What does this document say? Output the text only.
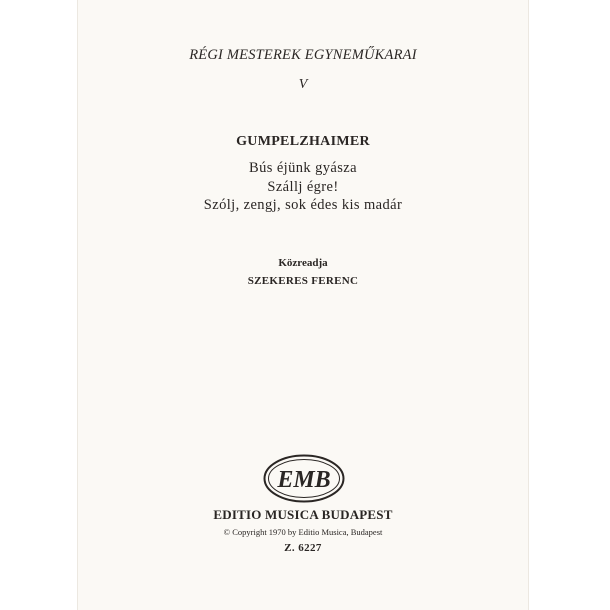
RÉGI MESTEREK EGYNEMŰKARAI

V

GUMPELZHAIMER

Bús éjünk gyásza

Szállj égre!

Szólj, zengj, sok édes kis madár

Közreadja

SZEKERES FERENC

EMB

EDITIO MUSICA BUDAPEST

© Copyright 1970 by Editio Musica, Budapest

Z. 6227
